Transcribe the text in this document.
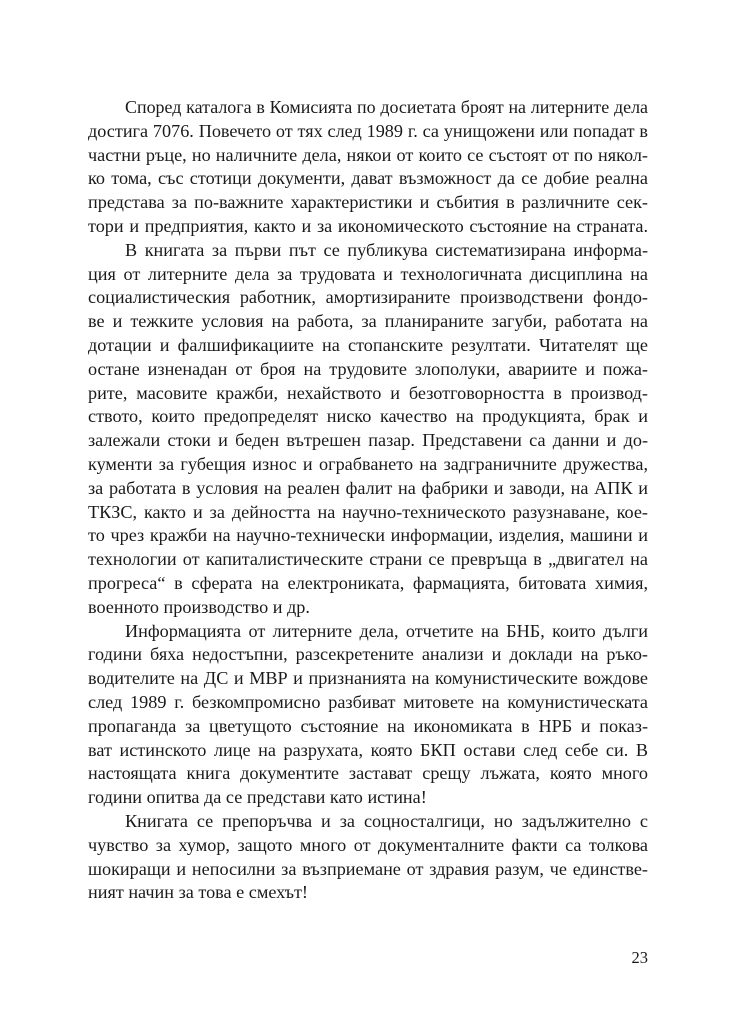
Според каталога в Комисията по досиетата броят на литерните дела
достига 7076. Повечето от тях след 1989 г. са унищожени или попадат в
частни ръце, но наличните дела, някои от които се състоят от по някол-
ко тома, със стотици документи, дават възможност да се добие реална
представа за по-важните характеристики и събития в различните сек-
тори и предприятия, както и за икономическото състояние на страната.
В книгата за първи път се публикува систематизирана информа-
ция от литерните дела за трудовата и технологичната дисциплина на
социалистическия работник, амортизираните производствени фондо-
ве и тежките условия на работа, за планираните загуби, работата на
дотации и фалшификациите на стопанските резултати. Читателят ще
остане изненадан от броя на трудовите злополуки, авариите и пожа-
рите, масовите кражби, нехайството и безотговорността в производ-
ството, които предопределят ниско качество на продукцията, брак и
залежали стоки и беден вътрешен пазар. Представени са данни и до-
кументи за губещия износ и ограбването на задграничните дружества,
за работата в условия на реален фалит на фабрики и заводи, на АПК и
ТКЗС, както и за дейността на научно-техническото разузнаване, кое-
то чрез кражби на научно-технически информации, изделия, машини и
технологии от капиталистическите страни се превръща в „двигател на
прогреса“ в сферата на електрониката, фармацията, битовата химия,
военното производство и др.
Информацията от литерните дела, отчетите на БНБ, които дълги
години бяха недостъпни, разсекретените анализи и доклади на ръко-
водителите на ДС и МВР и признанията на комунистическите вождове
след 1989 г. безкомпромисно разбиват митовете на комунистическата
пропаганда за цветущото състояние на икономиката в НРБ и показ-
ват истинското лице на разрухата, която БКП остави след себе си. В
настоящата книга документите застават срещу лъжата, която много
години опитва да се представи като истина!
Книгата се препоръчва и за соцносталгици, но задължително с
чувство за хумор, защото много от документалните факти са толкова
шокиращи и непосилни за възприемане от здравия разум, че единстве-
ният начин за това е смехът!
23
